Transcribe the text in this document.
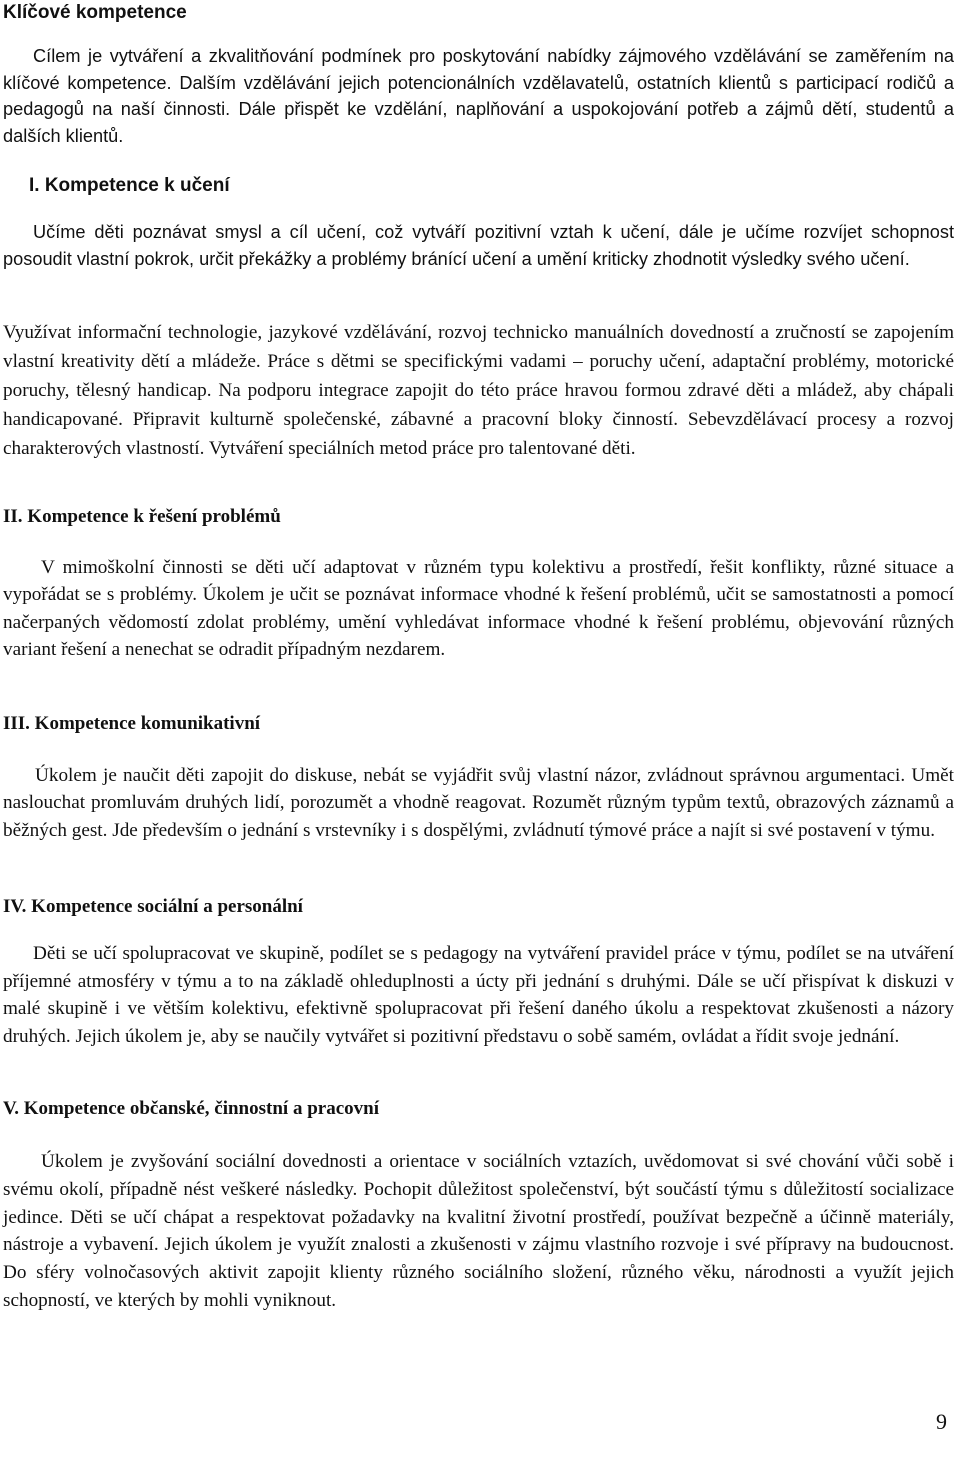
Klíčové kompetence

Cílem je vytváření a zkvalitňování podmínek pro poskytování nabídky zájmového vzdělávání se zaměřením na klíčové kompetence. Dalším vzdělávání jejich potencionálních vzdělavatelů, ostatních klientů s participací rodičů a pedagogů na naší činnosti. Dále přispět ke vzdělání, naplňování a uspokojování potřeb a zájmů dětí, studentů a dalších klientů.

I. Kompetence k učení

Učíme děti poznávat smysl a cíl učení, což vytváří pozitivní vztah k učení, dále je učíme rozvíjet schopnost posoudit vlastní pokrok, určit překážky a problémy bránící učení a umění kriticky zhodnotit výsledky svého učení.

Využívat informační technologie, jazykové vzdělávání, rozvoj technicko manuálních dovedností a zručností se zapojením vlastní kreativity dětí a mládeže. Práce s dětmi se specifickými vadami – poruchy učení, adaptační problémy, motorické poruchy, tělesný handicap. Na podporu integrace zapojit do této práce hravou formou zdravé děti a mládež, aby chápali handicapované. Připravit kulturně společenské, zábavné a pracovní bloky činností. Sebevzdělávací procesy a rozvoj charakterových vlastností. Vytváření speciálních metod práce pro talentované děti.

II. Kompetence k řešení problémů

V mimoškolní činnosti se děti učí adaptovat v různém typu kolektivu a prostředí, řešit konflikty, různé situace a vypořádat se s problémy. Úkolem je učit se poznávat informace vhodné k řešení problémů, učit se samostatnosti a pomocí načerpaných vědomostí zdolat problémy, umění vyhledávat informace vhodné k řešení problému, objevování různých variant řešení a nenechat se odradit případným nezdarem.

III. Kompetence komunikativní

Úkolem je naučit děti zapojit do diskuse, nebát se vyjádřit svůj vlastní názor, zvládnout správnou argumentaci. Umět naslouchat promluvám druhých lidí, porozumět a vhodně reagovat. Rozumět různým typům textů, obrazových záznamů a běžných gest. Jde především o jednání s vrstevníky i s dospělými, zvládnutí týmové práce a najít si své postavení v týmu.

IV. Kompetence sociální a personální

Děti se učí spolupracovat ve skupině, podílet se s pedagogy na vytváření pravidel práce v týmu, podílet se na utváření příjemné atmosféry v týmu a to na základě ohleduplnosti a úcty při jednání s druhými. Dále se učí přispívat k diskuzi v malé skupině i ve větším kolektivu, efektivně spolupracovat při řešení daného úkolu a respektovat zkušenosti a názory druhých. Jejich úkolem je, aby se naučily vytvářet si pozitivní představu o sobě samém, ovládat a řídit svoje jednání.

V. Kompetence občanské, činnostní a pracovní

Úkolem je zvyšování sociální dovednosti a orientace v sociálních vztazích, uvědomovat si své chování vůči sobě i svému okolí, případně nést veškeré následky. Pochopit důležitost společenství, být součástí týmu s důležitostí socializace jedince. Děti se učí chápat a respektovat požadavky na kvalitní životní prostředí, používat bezpečně a účinně materiály, nástroje a vybavení. Jejich úkolem je využít znalosti a zkušenosti v zájmu vlastního rozvoje i své přípravy na budoucnost. Do sféry volnočasových aktivit zapojit klienty různého sociálního složení, různého věku, národnosti a využít jejich schopností, ve kterých by mohli vyniknout.

9
